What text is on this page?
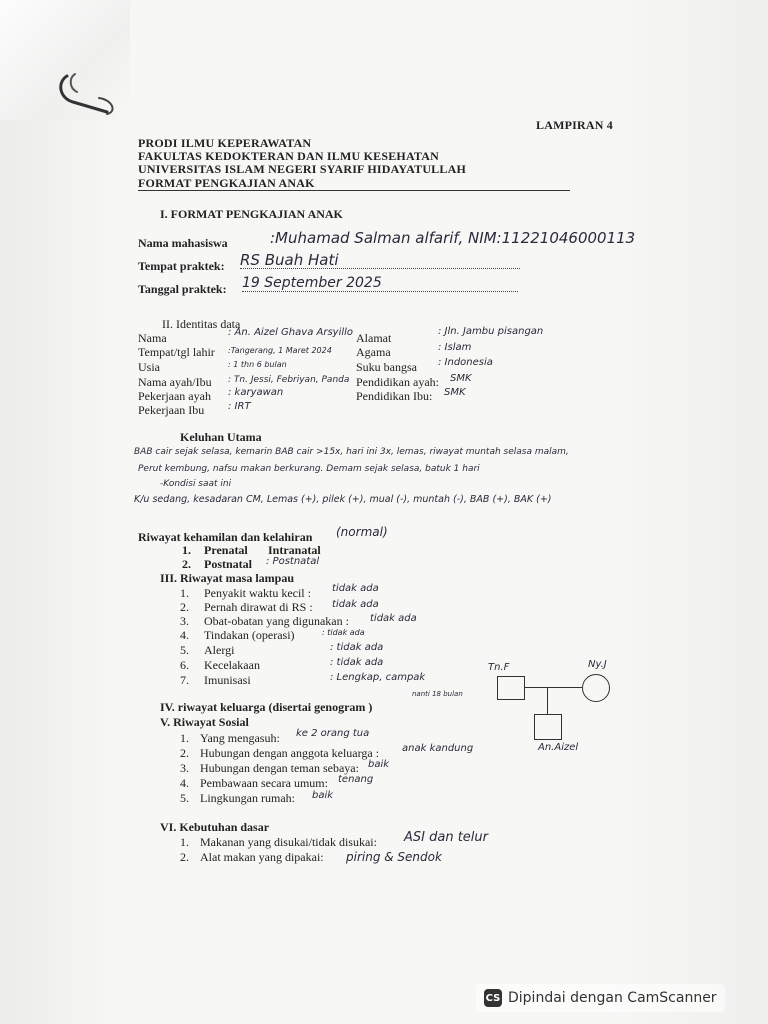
LAMPIRAN 4
PRODI ILMU KEPERAWATAN
FAKULTAS KEDOKTERAN DAN ILMU KESEHATAN
UNIVERSITAS ISLAM NEGERI SYARIF HIDAYATULLAH
FORMAT PENGKAJIAN ANAK
I. FORMAT PENGKAJIAN ANAK
Nama mahasiswa	:Muhamad Salman alfarif, NIM:11221046000113
Tempat praktek: RS Buah Hati
Tanggal praktek: 19 September 2025
II. Identitas data
Nama	: An. Aizel Ghava Arsyillo
Tempat/tgl lahir :Tangerang, 1 Maret 2024
Usia	: 1 thn 6 bulan
Nama ayah/Ibu : Tn. Jessi, Febriyan, Panda
Pekerjaan ayah : karyawan
Pekerjaan Ibu : IRT
Alamat	: Jln. Jambu pisangan
Agama	: Islam
Suku bangsa : Indonesia
Pendidikan ayah: SMK
Pendidikan Ibu: SMK
Keluhan Utama
BAB cair sejak selasa, kemarin BAB cair >15x, hari ini 3x, lemas, riwayat muntah selasa malam,
Perut kembung, nafsu makan berkurang. Demam sejak selasa, batuk 1 hari
-Kondisi saat ini
K/u sedang, kesadaran CM, Lemas (+), pilek (+), mual (-), muntah (-), BAB (+), BAK (+)
Riwayat kehamilan dan kelahiran (normal)
1. Prenatal Intranatal
2. Postnatal : Postnatal
III. Riwayat masa lampau
1. Penyakit waktu kecil : tidak ada
2. Pernah dirawat di RS : tidak ada
3. Obat-obatan yang digunakan : tidak ada
4. Tindakan (operasi)	: tidak ada
5. Alergi	: tidak ada
6. Kecelakaan	: tidak ada
7. Imunisasi	: Lengkap, campak
nanti 18 bulan
Tn.F	Ny.J
An.Aizel
IV. riwayat keluarga (disertai genogram )
V. Riwayat Sosial
1. Yang mengasuh: ke 2 orang tua
2. Hubungan dengan anggota keluarga : anak kandung
3. Hubungan dengan teman sebaya: baik
4. Pembawaan secara umum: tenang
5. Lingkungan rumah: baik
VI. Kebutuhan dasar
1. Makanan yang disukai/tidak disukai: ASI dan telur
2. Alat makan yang dipakai: piring & Sendok
CS Dipindai dengan CamScanner
